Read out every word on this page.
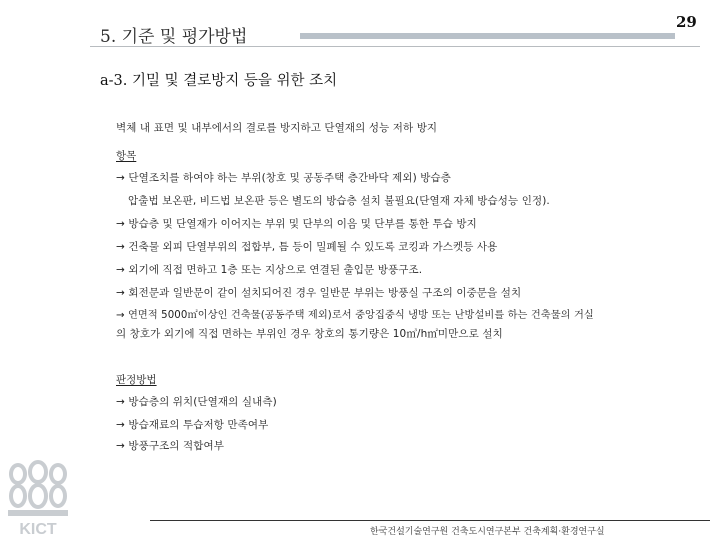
5. 기준 및 평가방법
29
a-3. 기밀 및 결로방지 등을 위한 조치
벽체 내 표면 및 내부에서의 결로를 방지하고 단열재의 성능 저하 방지
항목
→ 단열조치를 하여야 하는 부위(창호 및 공동주택 층간바닥 제외) 방습층
압출법 보온판, 비드법 보온판 등은 별도의 방습층 설치 불필요(단열재 자체 방습성능 인정).
→ 방습층 및 단열재가 이어지는 부위 및 단부의 이음 및 단부를 통한 투습 방지
→ 건축물 외피 단열부위의 접합부, 틈 등이 밀폐될 수 있도록 코킹과 가스켓등 사용
→ 외기에 직접 면하고 1층 또는 지상으로 연결된 출입문 방풍구조.
→ 회전문과 일반문이 같이 설치되어진 경우 일반문 부위는 방풍실 구조의 이중문을 설치
→ 연면적 5000㎡이상인 건축물(공동주택 제외)로서 중앙집중식 냉방 또는 난방설비를 하는 건축물의 거실
의 창호가 외기에 직접 면하는 부위인 경우 창호의 통기량은 10㎥/h㎡미만으로 설치
판정방법
→ 방습층의 위치(단열재의 실내측)
→ 방습재료의 투습저항 만족여부
→ 방풍구조의 적합여부
KICT	한국건설기술연구원 건축도시연구본부 건축계획·환경연구실
